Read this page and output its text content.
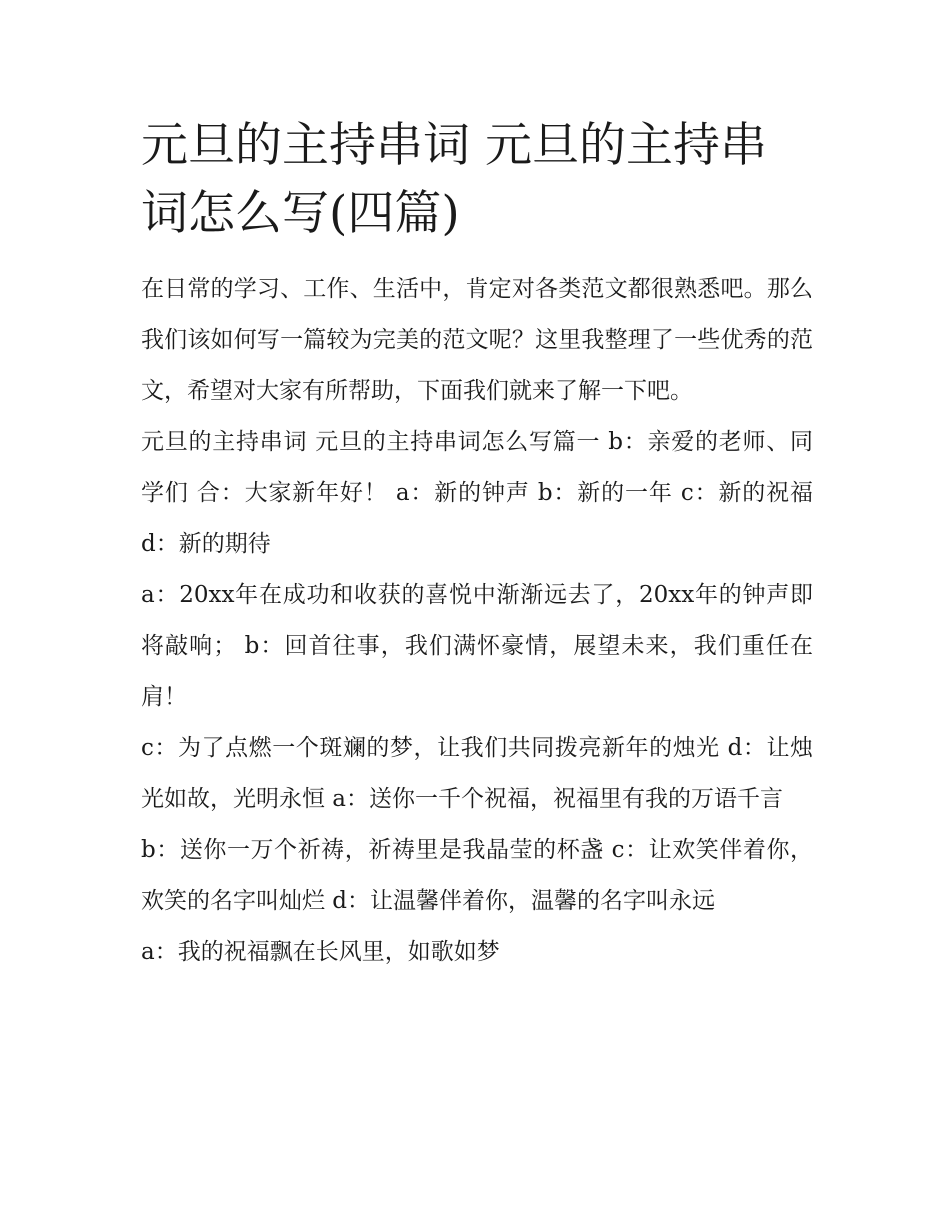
元旦的主持串词 元旦的主持串词怎么写(四篇)

在日常的学习、工作、生活中，肯定对各类范文都很熟悉吧。那么我们该如何写一篇较为完美的范文呢？这里我整理了一些优秀的范文，希望对大家有所帮助，下面我们就来了解一下吧。

元旦的主持串词 元旦的主持串词怎么写篇一 b：亲爱的老师、同学们 合：大家新年好！ a：新的钟声 b：新的一年 c：新的祝福 d：新的期待

a：20xx年在成功和收获的喜悦中渐渐远去了，20xx年的钟声即将敲响； b：回首往事，我们满怀豪情，展望未来，我们重任在肩！

c：为了点燃一个斑斓的梦，让我们共同拨亮新年的烛光 d：让烛光如故，光明永恒 a：送你一千个祝福，祝福里有我的万语千言

b：送你一万个祈祷，祈祷里是我晶莹的杯盏 c：让欢笑伴着你，欢笑的名字叫灿烂 d：让温馨伴着你，温馨的名字叫永远

a：我的祝福飘在长风里，如歌如梦
